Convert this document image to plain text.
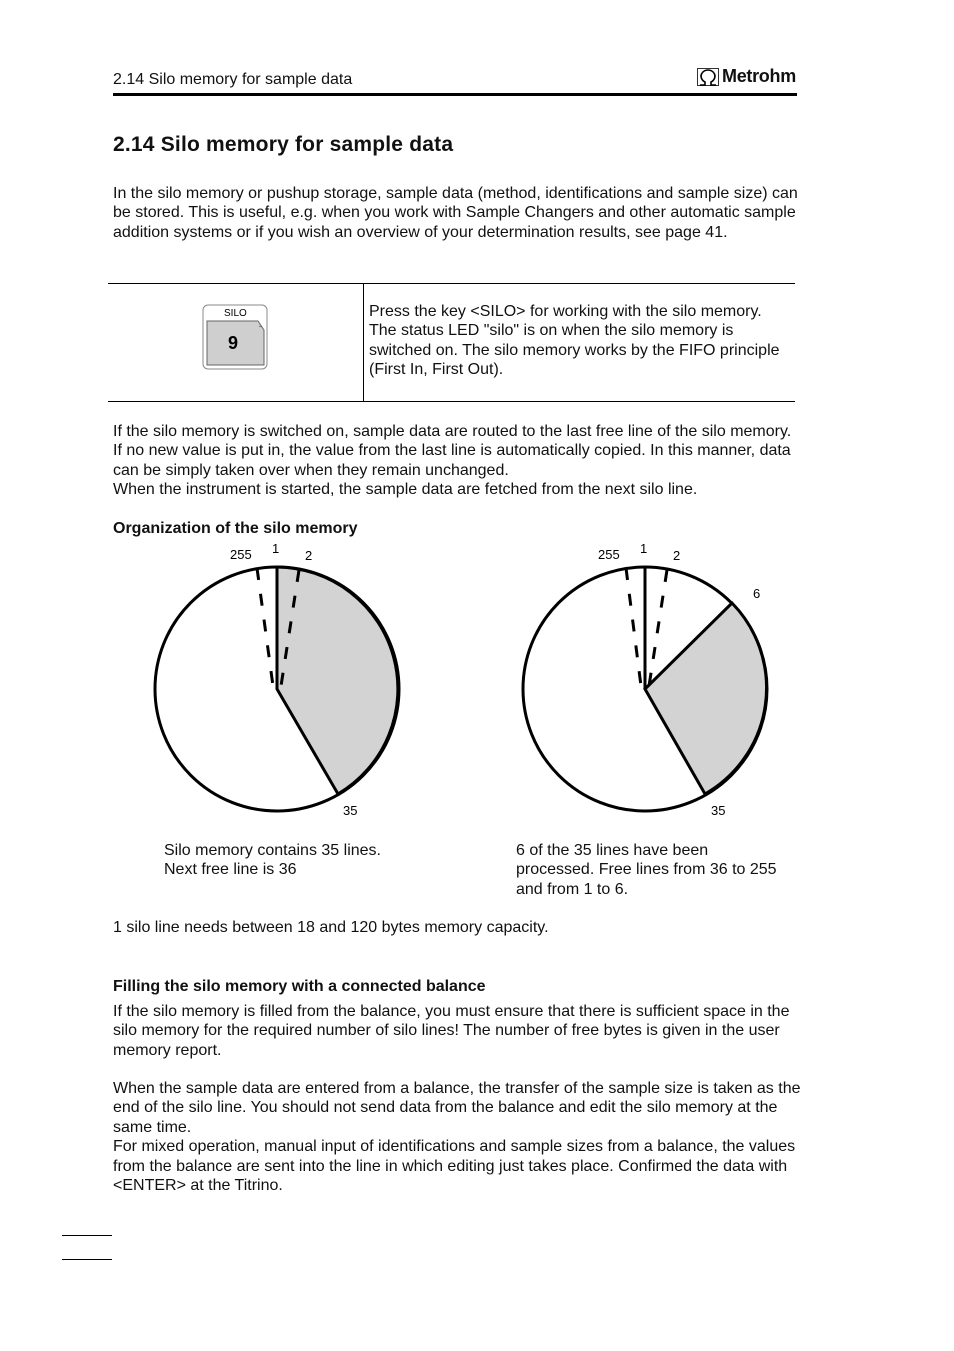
2.14 Silo memory for sample data	Metrohm
2.14 Silo memory for sample data
In the silo memory or pushup storage, sample data (method, identifications and sample size) can be stored. This is useful, e.g. when you work with Sample Changers and other automatic sample addition systems or if you wish an overview of your determination results, see page 41.
SILO
9
Press the key <SILO> for working with the silo memory. The status LED "silo" is on when the silo memory is switched on. The silo memory works by the FIFO principle (First In, First Out).

If the silo memory is switched on, sample data are routed to the last free line of the silo memory. If no new value is put in, the value from the last line is automatically copied. In this manner, data can be simply taken over when they remain unchanged.

When the instrument is started, the sample data are fetched from the next silo line.

Organization of the silo memory
255 1 2
35
255 1 2
6
35
Silo memory contains 35 lines.
Next free line is 36
6 of the 35 lines have been processed. Free lines from 36 to 255 and from 1 to 6.
1 silo line needs between 18 and 120 bytes memory capacity.
Filling the silo memory with a connected balance
If the silo memory is filled from the balance, you must ensure that there is sufficient space in the silo memory for the required number of silo lines! The number of free bytes is given in the user memory report.

When the sample data are entered from a balance, the transfer of the sample size is taken as the end of the silo line. You should not send data from the balance and edit the silo memory at the same time.

For mixed operation, manual input of identifications and sample sizes from a balance, the values from the balance are sent into the line in which editing just takes place. Confirmed the data with <ENTER> at the Titrino.
